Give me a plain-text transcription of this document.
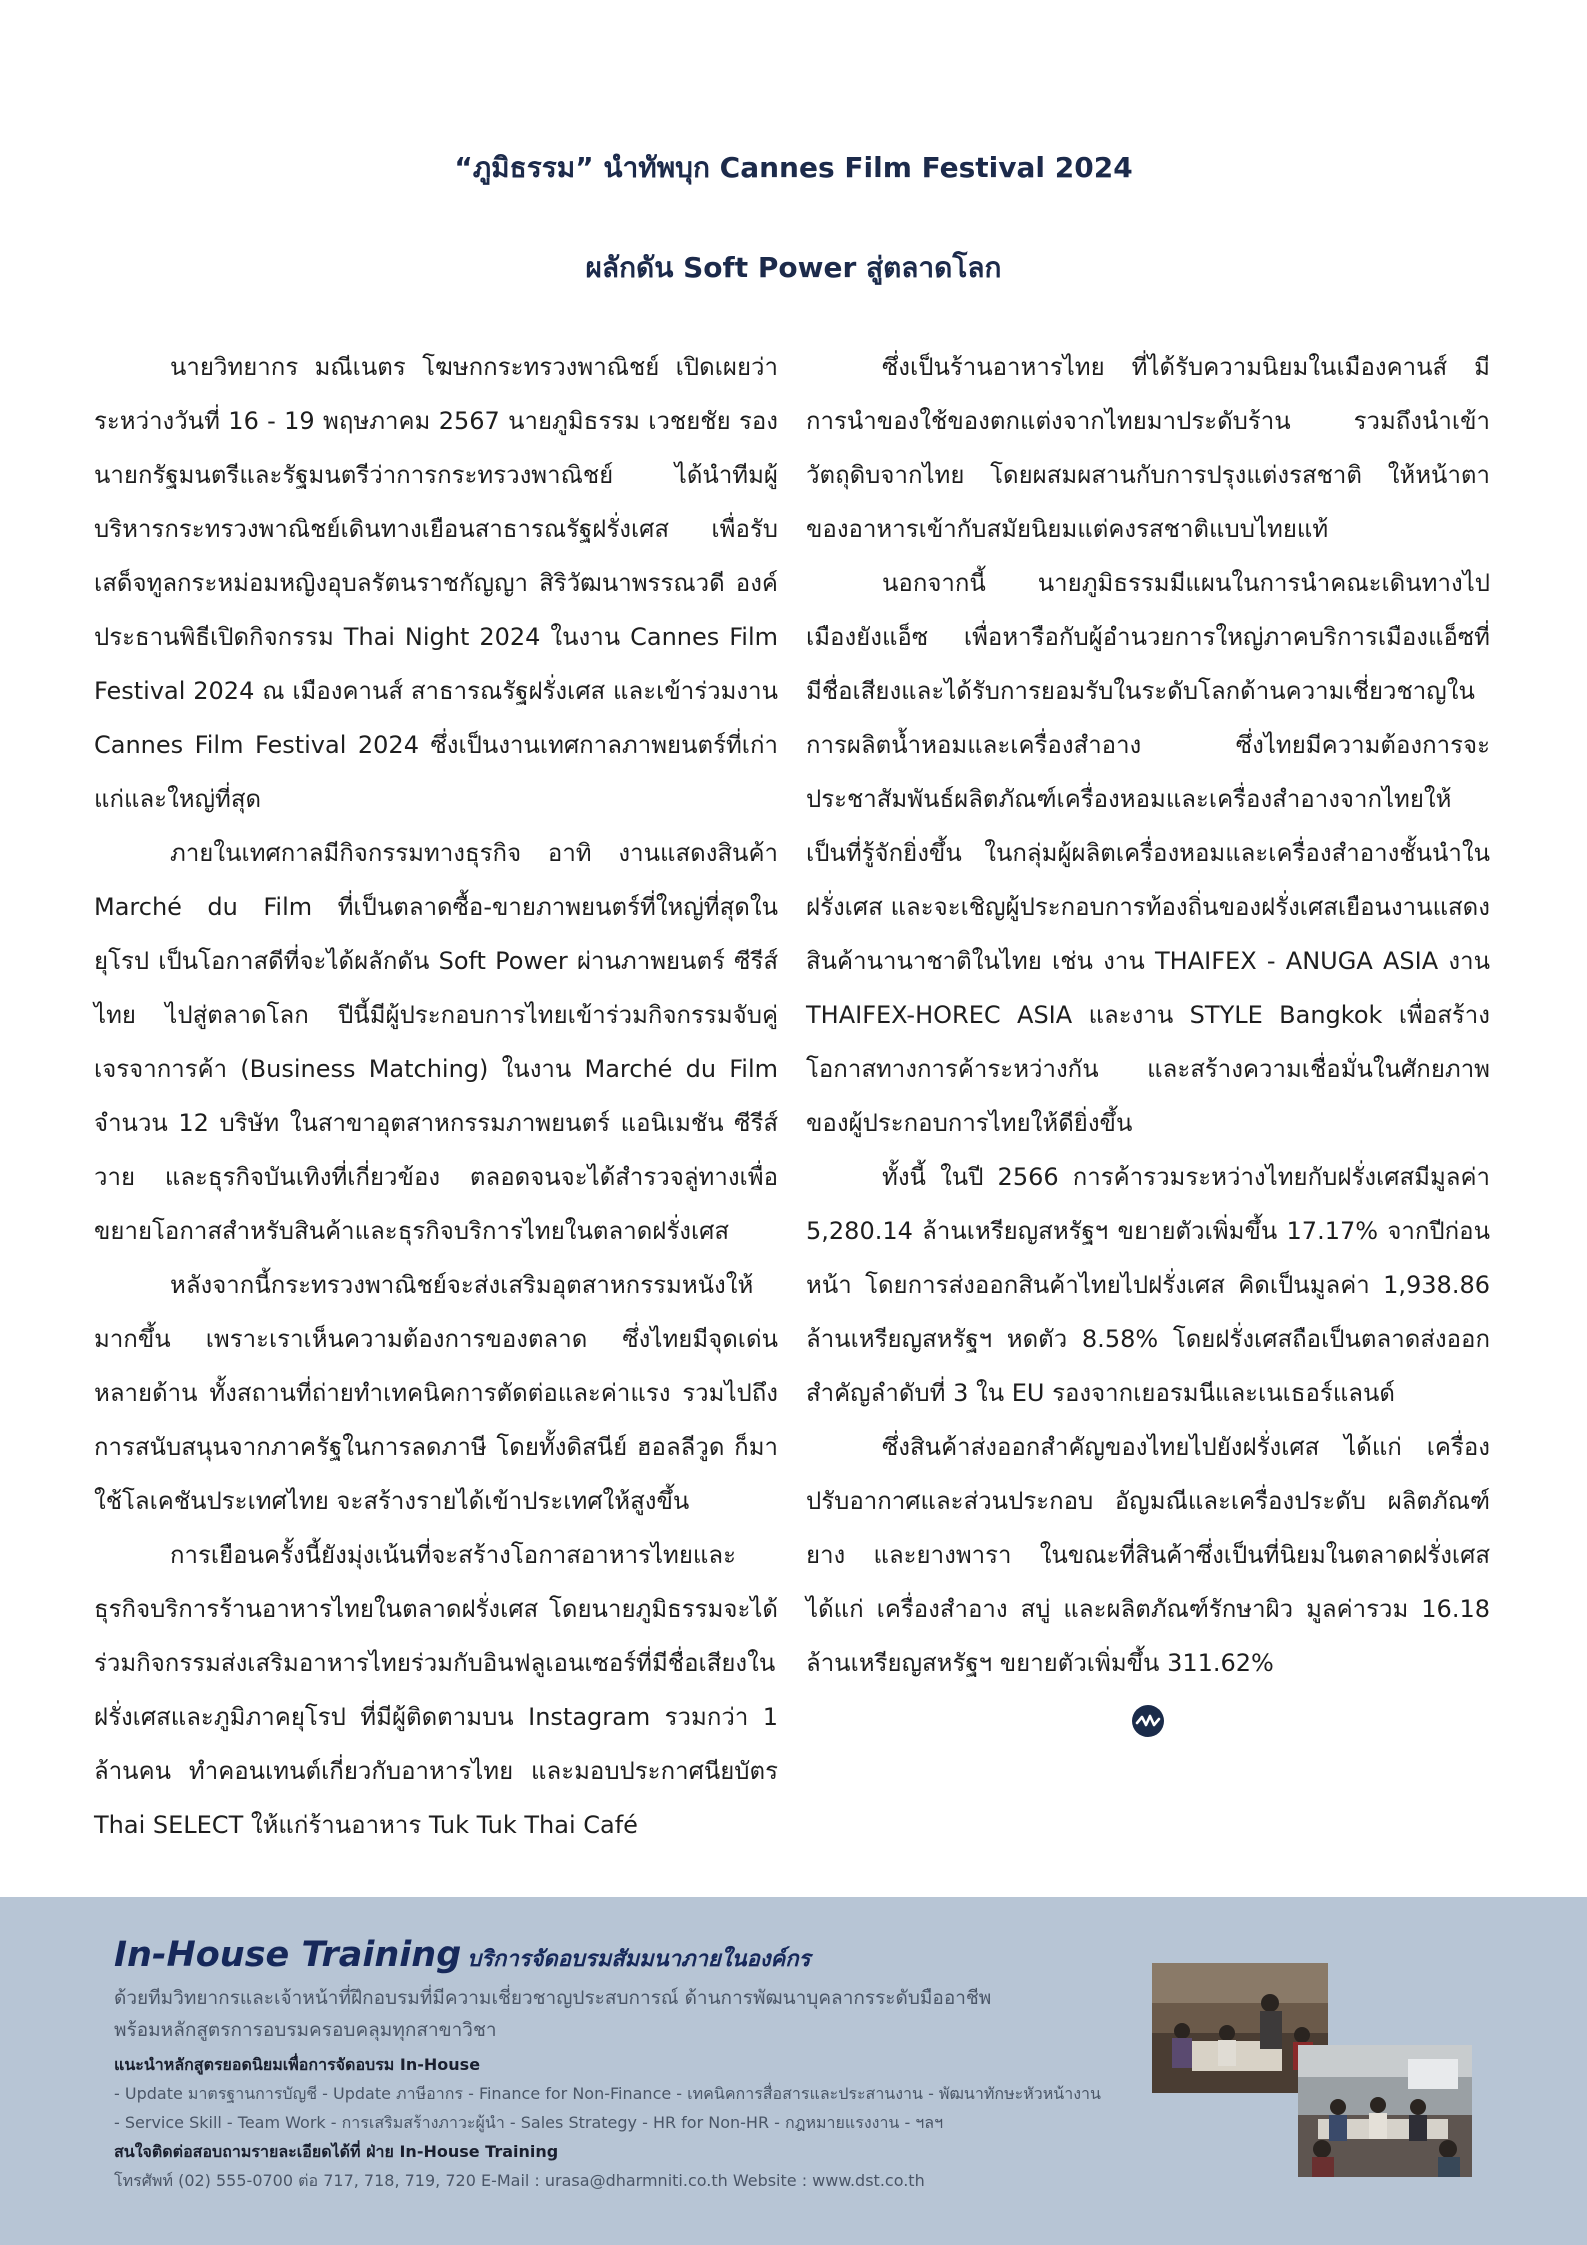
“ภูมิธรรม” นำทัพบุก Cannes Film Festival 2024
ผลักดัน Soft Power สู่ตลาดโลก

นายวิทยากร มณีเนตร โฆษกกระทรวงพาณิชย์ เปิดเผยว่า ระหว่างวันที่ 16 - 19 พฤษภาคม 2567 นายภูมิธรรม เวชยชัย รองนายกรัฐมนตรีและรัฐมนตรีว่าการกระทรวงพาณิชย์ ได้นำทีมผู้บริหารกระทรวงพาณิชย์เดินทางเยือนสาธารณรัฐฝรั่งเศส เพื่อรับเสด็จทูลกระหม่อมหญิงอุบลรัตนราชกัญญา สิริวัฒนาพรรณวดี องค์ประธานพิธีเปิดกิจกรรม Thai Night 2024 ในงาน Cannes Film Festival 2024 ณ เมืองคานส์ สาธารณรัฐฝรั่งเศส และเข้าร่วมงาน Cannes Film Festival 2024 ซึ่งเป็นงานเทศกาลภาพยนตร์ที่เก่าแก่และใหญ่ที่สุด

ภายในเทศกาลมีกิจกรรมทางธุรกิจ อาทิ งานแสดงสินค้า Marché du Film ที่เป็นตลาดซื้อ-ขายภาพยนตร์ที่ใหญ่ที่สุดในยุโรป เป็นโอกาสดีที่จะได้ผลักดัน Soft Power ผ่านภาพยนตร์ ซีรีส์ไทย ไปสู่ตลาดโลก ปีนี้มีผู้ประกอบการไทยเข้าร่วมกิจกรรมจับคู่เจรจาการค้า (Business Matching) ในงาน Marché du Film จำนวน 12 บริษัท ในสาขาอุตสาหกรรมภาพยนตร์ แอนิเมชัน ซีรีส์วาย และธุรกิจบันเทิงที่เกี่ยวข้อง ตลอดจนจะได้สำรวจลู่ทางเพื่อขยายโอกาสสำหรับสินค้าและธุรกิจบริการไทยในตลาดฝรั่งเศส

หลังจากนี้กระทรวงพาณิชย์จะส่งเสริมอุตสาหกรรมหนังให้มากขึ้น เพราะเราเห็นความต้องการของตลาด ซึ่งไทยมีจุดเด่นหลายด้าน ทั้งสถานที่ถ่ายทำเทคนิคการตัดต่อและค่าแรง รวมไปถึงการสนับสนุนจากภาครัฐในการลดภาษี โดยทั้งดิสนีย์ ฮอลลีวูด ก็มาใช้โลเคชันประเทศไทย จะสร้างรายได้เข้าประเทศให้สูงขึ้น

การเยือนครั้งนี้ยังมุ่งเน้นที่จะสร้างโอกาสอาหารไทยและธุรกิจบริการร้านอาหารไทยในตลาดฝรั่งเศส โดยนายภูมิธรรมจะได้ร่วมกิจกรรมส่งเสริมอาหารไทยร่วมกับอินฟลูเอนเซอร์ที่มีชื่อเสียงในฝรั่งเศสและภูมิภาคยุโรป ที่มีผู้ติดตามบน Instagram รวมกว่า 1 ล้านคน ทำคอนเทนต์เกี่ยวกับอาหารไทย และมอบประกาศนียบัตร Thai SELECT ให้แก่ร้านอาหาร Tuk Tuk Thai Café

ซึ่งเป็นร้านอาหารไทย ที่ได้รับความนิยมในเมืองคานส์ มีการนำของใช้ของตกแต่งจากไทยมาประดับร้าน รวมถึงนำเข้าวัตถุดิบจากไทย โดยผสมผสานกับการปรุงแต่งรสชาติ ให้หน้าตาของอาหารเข้ากับสมัยนิยมแต่คงรสชาติแบบไทยแท้

นอกจากนี้ นายภูมิธรรมมีแผนในการนำคณะเดินทางไปเมืองยังแอ็ซ เพื่อหารือกับผู้อำนวยการใหญ่ภาคบริการเมืองแอ็ซที่มีชื่อเสียงและได้รับการยอมรับในระดับโลกด้านความเชี่ยวชาญในการผลิตน้ำหอมและเครื่องสำอาง ซึ่งไทยมีความต้องการจะประชาสัมพันธ์ผลิตภัณฑ์เครื่องหอมและเครื่องสำอางจากไทยให้เป็นที่รู้จักยิ่งขึ้น ในกลุ่มผู้ผลิตเครื่องหอมและเครื่องสำอางชั้นนำในฝรั่งเศส และจะเชิญผู้ประกอบการท้องถิ่นของฝรั่งเศสเยือนงานแสดงสินค้านานาชาติในไทย เช่น งาน THAIFEX - ANUGA ASIA งาน THAIFEX-HOREC ASIA และงาน STYLE Bangkok เพื่อสร้างโอกาสทางการค้าระหว่างกัน และสร้างความเชื่อมั่นในศักยภาพของผู้ประกอบการไทยให้ดียิ่งขึ้น

ทั้งนี้ ในปี 2566 การค้ารวมระหว่างไทยกับฝรั่งเศสมีมูลค่า 5,280.14 ล้านเหรียญสหรัฐฯ ขยายตัวเพิ่มขึ้น 17.17% จากปีก่อนหน้า โดยการส่งออกสินค้าไทยไปฝรั่งเศส คิดเป็นมูลค่า 1,938.86 ล้านเหรียญสหรัฐฯ หดตัว 8.58% โดยฝรั่งเศสถือเป็นตลาดส่งออกสำคัญลำดับที่ 3 ใน EU รองจากเยอรมนีและเนเธอร์แลนด์

ซึ่งสินค้าส่งออกสำคัญของไทยไปยังฝรั่งเศส ได้แก่ เครื่องปรับอากาศและส่วนประกอบ อัญมณีและเครื่องประดับ ผลิตภัณฑ์ยาง และยางพารา ในขณะที่สินค้าซึ่งเป็นที่นิยมในตลาดฝรั่งเศส ได้แก่ เครื่องสำอาง สบู่ และผลิตภัณฑ์รักษาผิว มูลค่ารวม 16.18 ล้านเหรียญสหรัฐฯ ขยายตัวเพิ่มขึ้น 311.62%

In-House Training บริการจัดอบรมสัมมนาภายในองค์กร
ด้วยทีมวิทยากรและเจ้าหน้าที่ฝึกอบรมที่มีความเชี่ยวชาญประสบการณ์ ด้านการพัฒนาบุคลากรระดับมืออาชีพ
พร้อมหลักสูตรการอบรมครอบคลุมทุกสาขาวิชา
แนะนำหลักสูตรยอดนิยมเพื่อการจัดอบรม In-House
- Update มาตรฐานการบัญชี - Update ภาษีอากร - Finance for Non-Finance - เทคนิคการสื่อสารและประสานงาน - พัฒนาทักษะหัวหน้างาน
- Service Skill - Team Work - การเสริมสร้างภาวะผู้นำ - Sales Strategy - HR for Non-HR - กฎหมายแรงงาน - ฯลฯ
สนใจติดต่อสอบถามรายละเอียดได้ที่ ฝ่าย In-House Training
โทรศัพท์ (02) 555-0700 ต่อ 717, 718, 719, 720 E-Mail : urasa@dharmniti.co.th Website : www.dst.co.th
